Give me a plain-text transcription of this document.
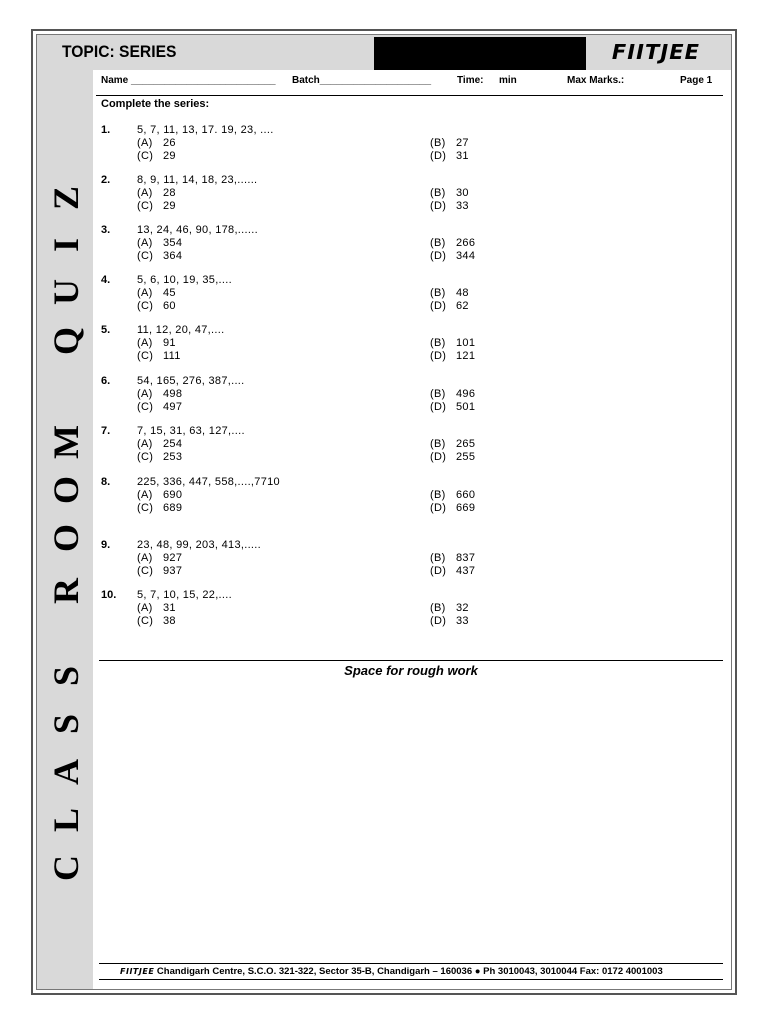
TOPIC: SERIES	FIITJEE
Name __________________________ Batch____________________	Time: min	Max Marks.:	Page 1
C
L
A
S
S
R
O
O
M
Q
U
I
Z
Complete the series:
1. 5, 7, 11, 13, 17. 19, 23, ....
(A) 26	(B) 27
(C) 29	(D) 31
2. 8, 9, 11, 14, 18, 23,......
(A) 28	(B) 30
(C) 29	(D) 33
3. 13, 24, 46, 90, 178,......
(A) 354	(B) 266
(C) 364	(D) 344
4. 5, 6, 10, 19, 35,....
(A) 45	(B) 48
(C) 60	(D) 62
5. 11, 12, 20, 47,....
(A) 91	(B) 101
(C) 111	(D) 121
6. 54, 165, 276, 387,....
(A) 498	(B) 496
(C) 497	(D) 501
7. 7, 15, 31, 63, 127,....
(A) 254	(B) 265
(C) 253	(D) 255
8. 225, 336, 447, 558,....,7710
(A) 690	(B) 660
(C) 689	(D) 669
9. 23, 48, 99, 203, 413,.....
(A) 927	(B) 837
(C) 937	(D) 437
10. 5, 7, 10, 15, 22,....
(A) 31	(B) 32
(C) 38	(D) 33
Space for rough work
FIITJEE Chandigarh Centre, S.C.O. 321-322, Sector 35-B, Chandigarh – 160036 ● Ph 3010043, 3010044 Fax: 0172 4001003
